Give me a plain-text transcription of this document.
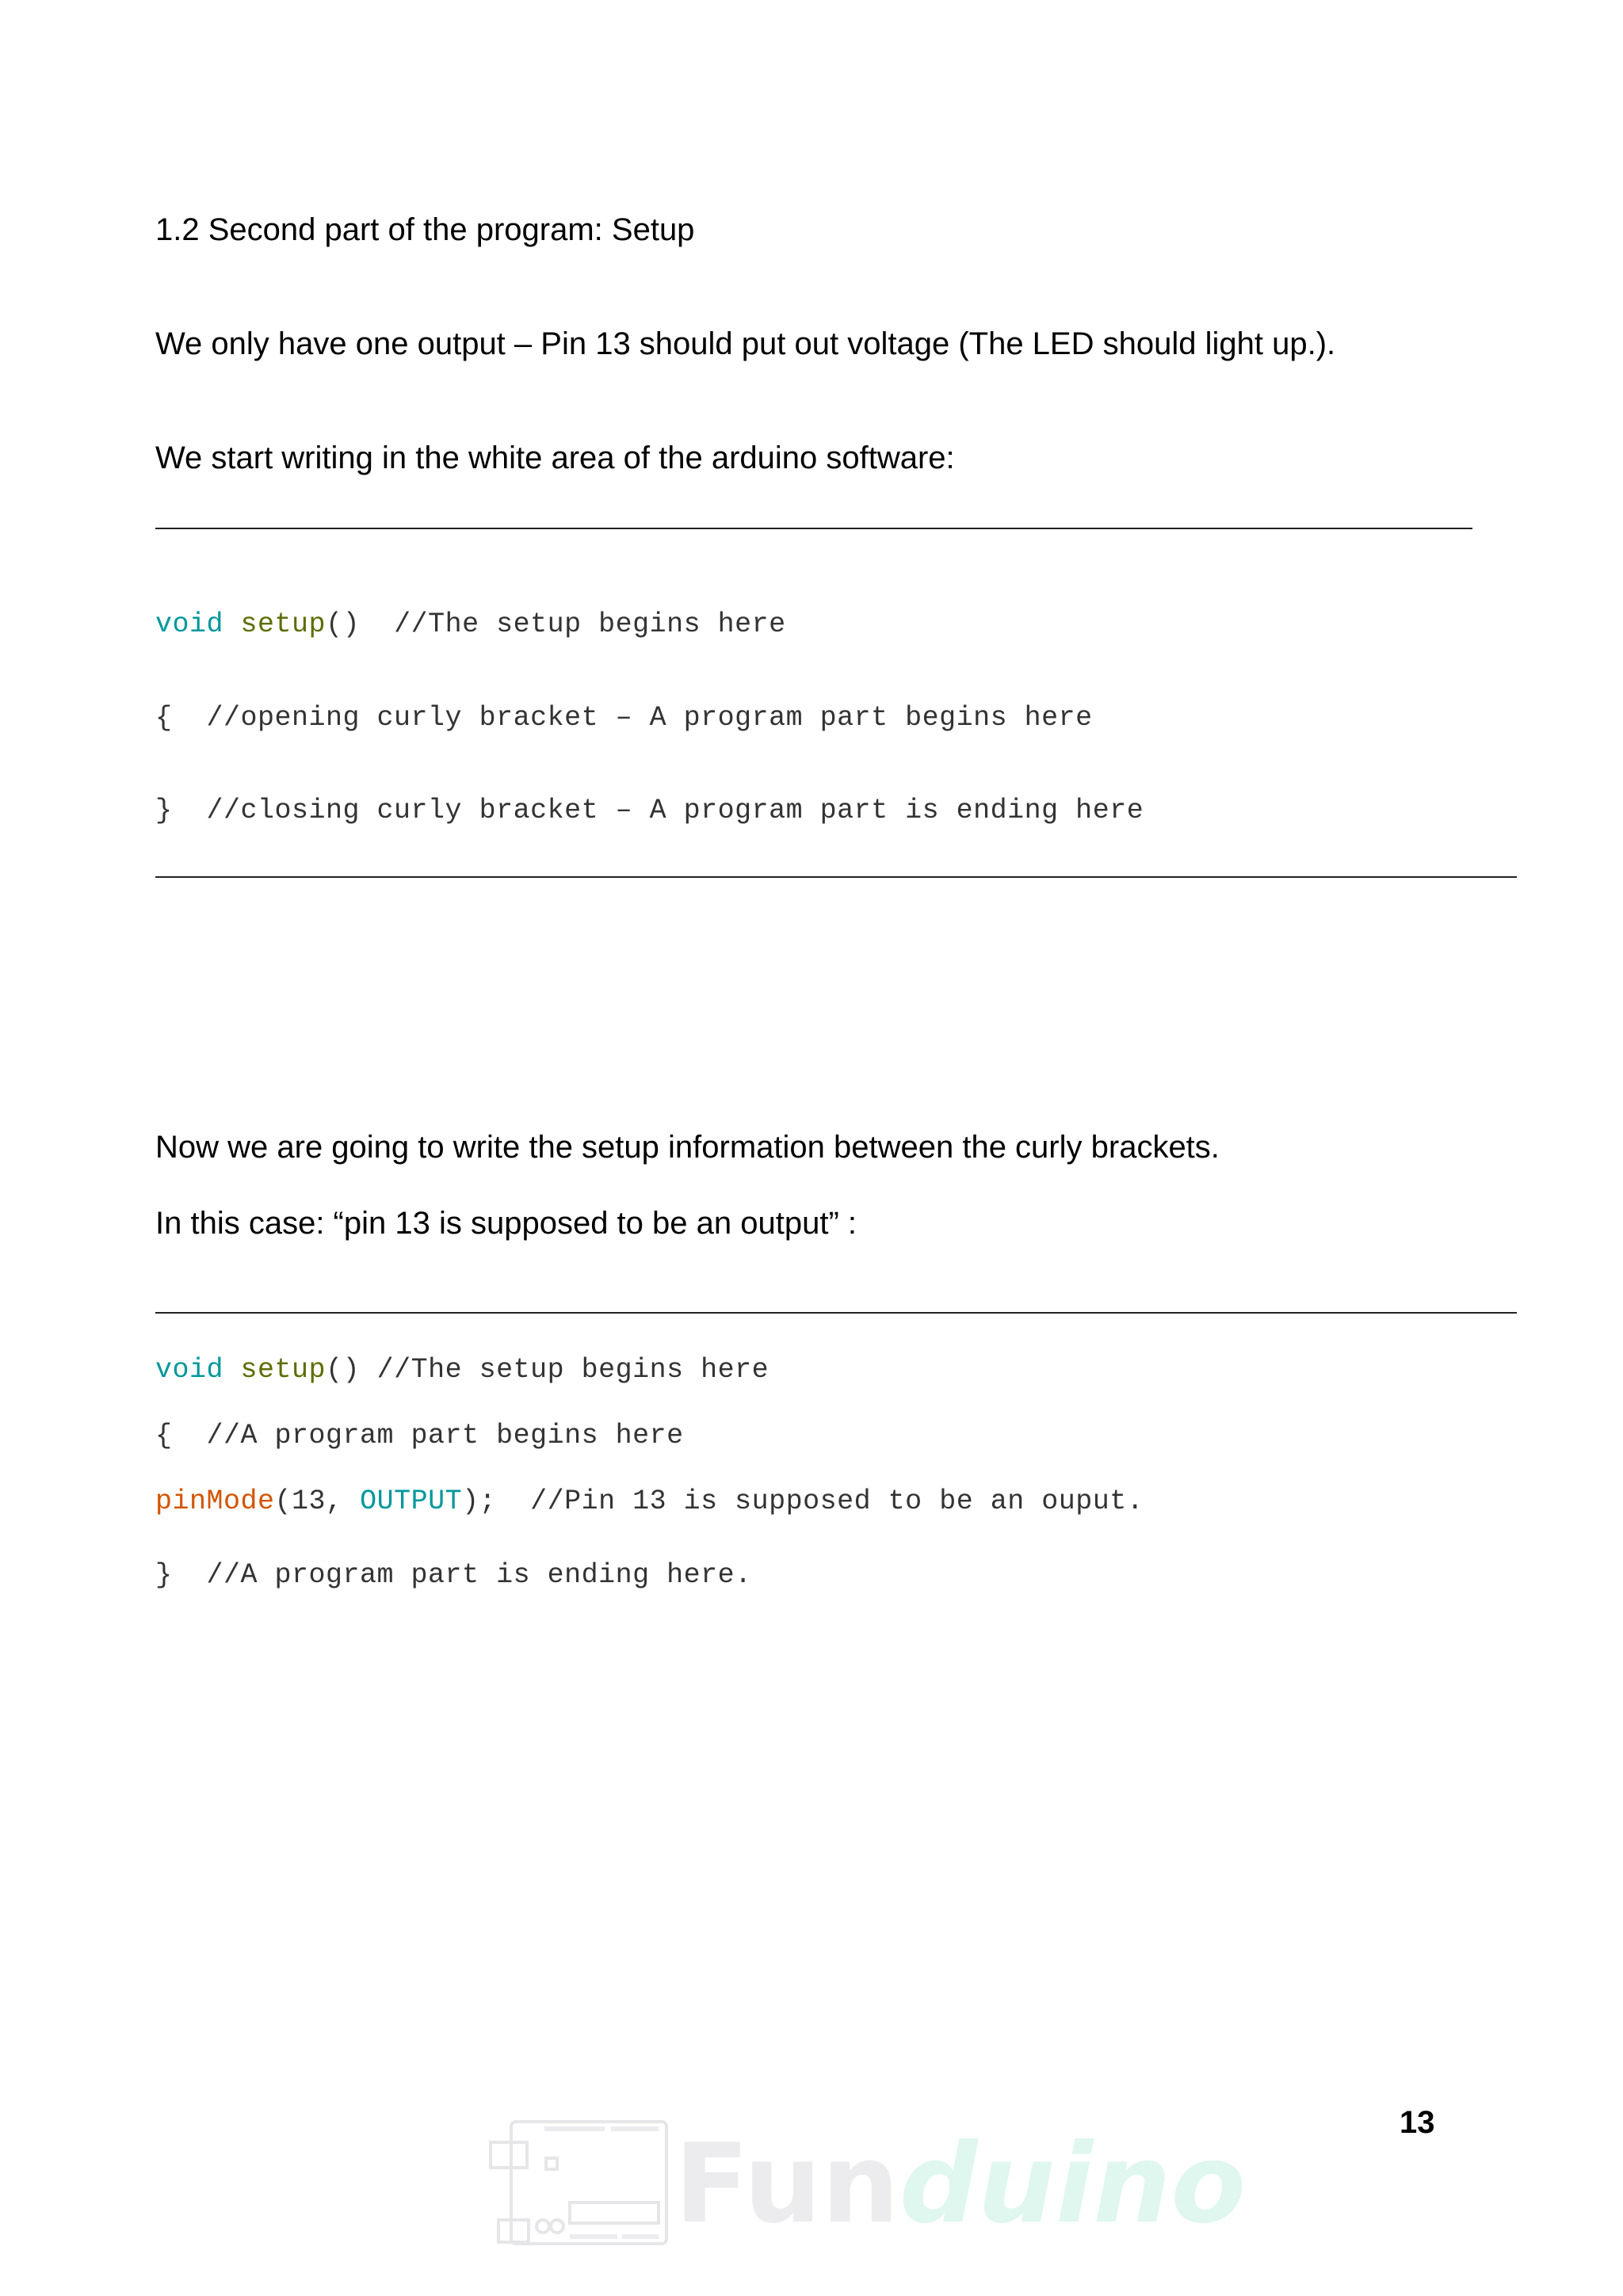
1.2 Second part of the program: Setup
We only have one output – Pin 13 should put out voltage (The LED should light up.).
We start writing in the white area of the arduino software:
void setup()  //The setup begins here
{  //opening curly bracket – A program part begins here
}  //closing curly bracket – A program part is ending here
Now we are going to write the setup information between the curly brackets.
In this case: “pin 13 is supposed to be an output” :
void setup() //The setup begins here
{  //A program part begins here
pinMode(13, OUTPUT);  //Pin 13 is supposed to be an ouput.
}  //A program part is ending here.
13
Funduino
